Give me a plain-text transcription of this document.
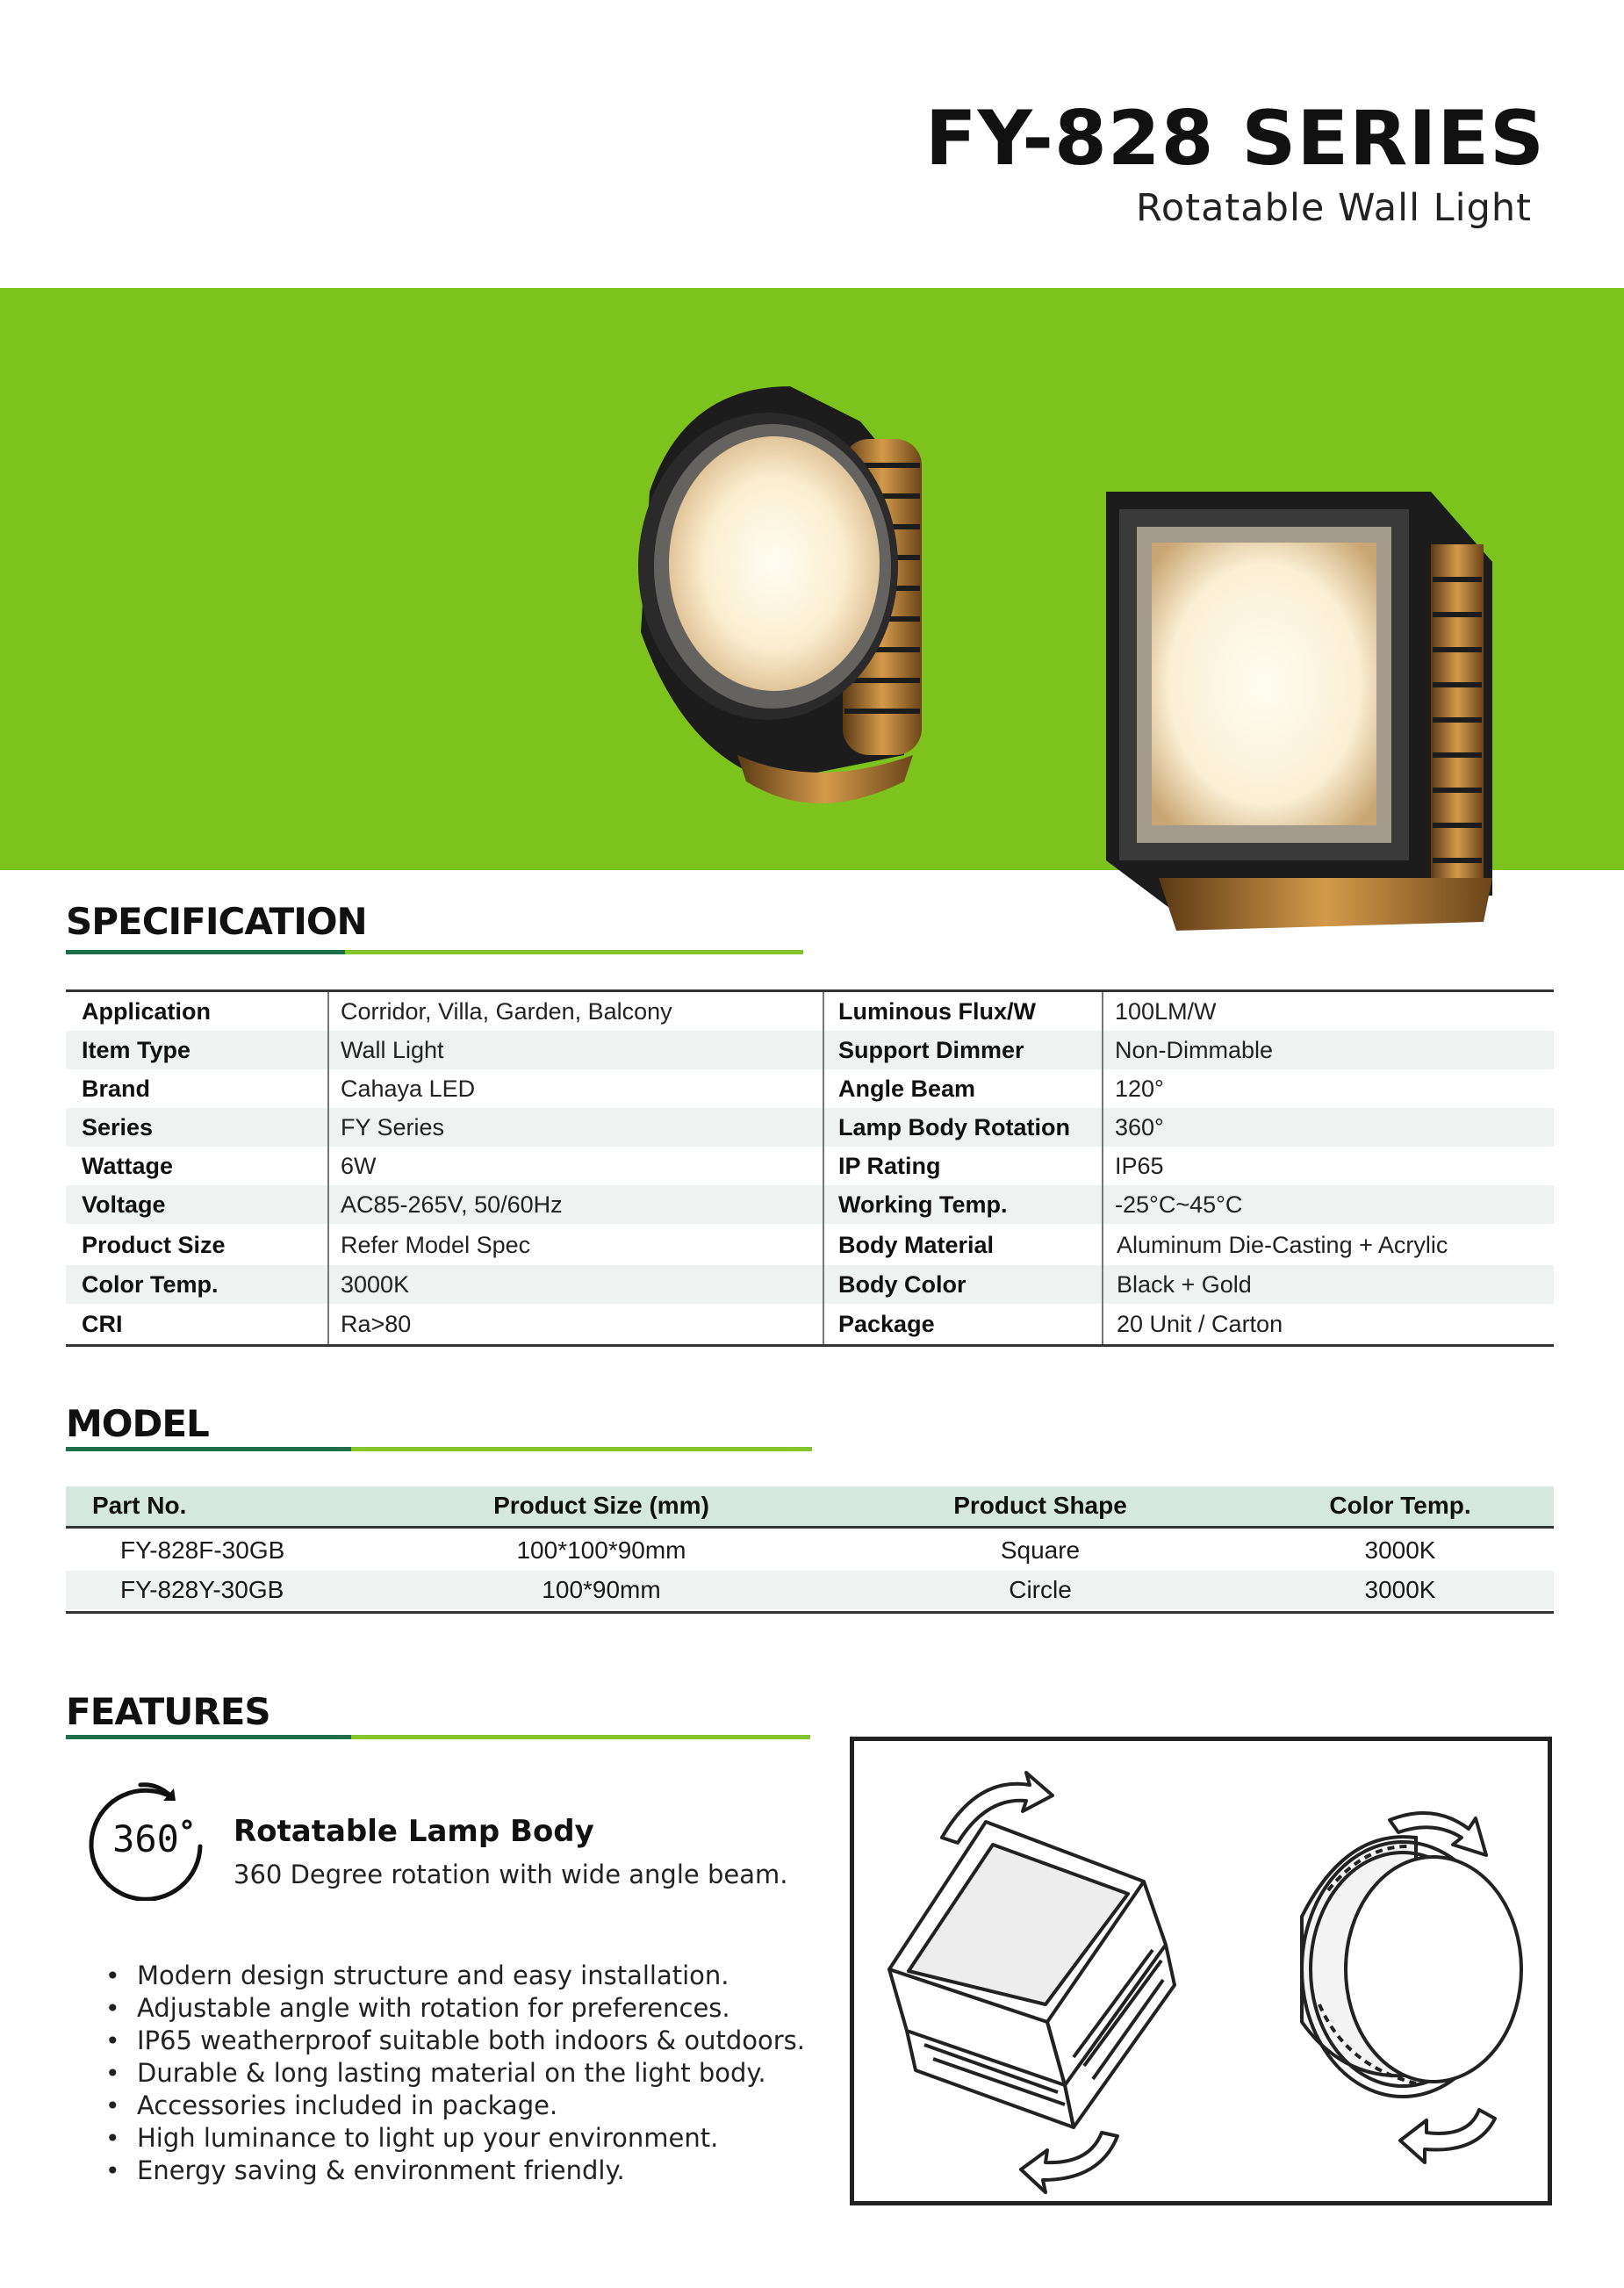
FY-828 SERIES
Rotatable Wall Light
SPECIFICATION
Application	Corridor, Villa, Garden, Balcony	Luminous Flux/W	100LM/W
Item Type	Wall Light	Support Dimmer	Non-Dimmable
Brand	Cahaya LED	Angle Beam	120°
Series	FY Series	Lamp Body Rotation 360°
Wattage	6W	IP Rating	IP65
Voltage	AC85-265V, 50/60Hz	Working Temp.	-25°C~45°C
Product Size	Refer Model Spec	Body Material	Aluminum Die-Casting + Acrylic
Color Temp.	3000K	Body Color	Black + Gold
CRI	Ra>80	Package	20 Unit / Carton
MODEL
Part No.	Product Size (mm)	Product Shape	Color Temp.
FY-828F-30GB	100*100*90mm	Square	3000K
FY-828Y-30GB	100*90mm	Circle	3000K
FEATURES
360 Rotatable Lamp Body
360 Degree rotation with wide angle beam.
• Modern design structure and easy installation.
• Adjustable angle with rotation for preferences.
• IP65 weatherproof suitable both indoors & outdoors.
• Durable & long lasting material on the light body.
• Accessories included in package.
• High luminance to light up your environment.
• Energy saving & environment friendly.
